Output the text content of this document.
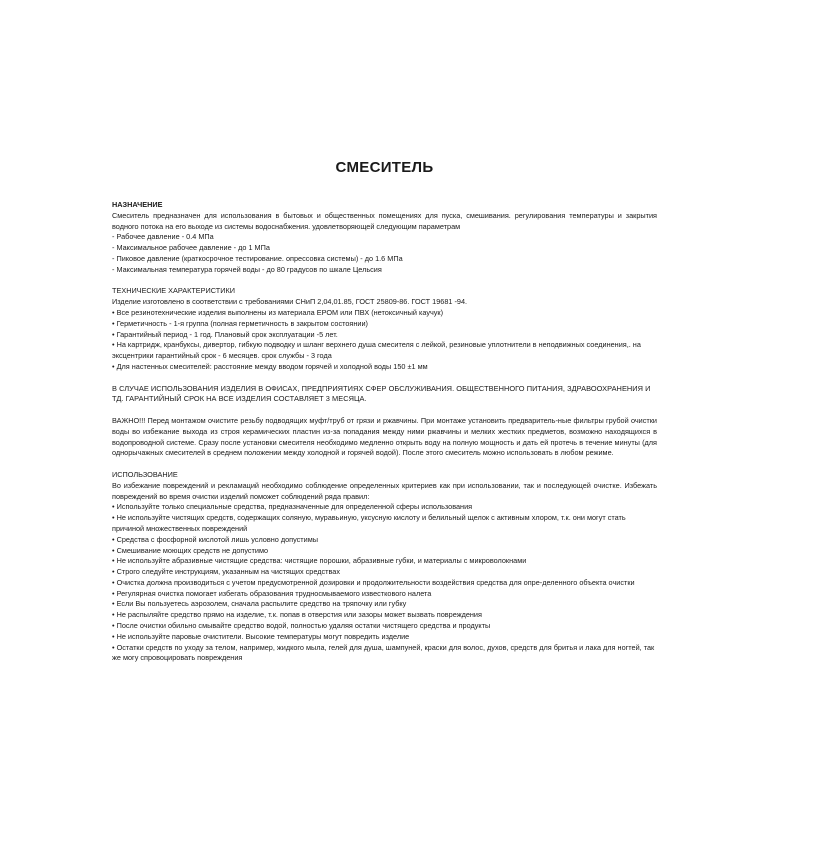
СМЕСИТЕЛЬ

НАЗНАЧЕНИЕ

Смеситель предназначен для использования в бытовых и общественных помещениях для пуска, смешивания. регулирования температуры и закрытия водного потока на его выходе из системы водоснабжения. удовлетворяющей следующим параметрам

- Рабочее давление - 0.4 МПа
- Максимальное рабочее давление - до 1 МПа
- Пиковое давление (краткосрочное тестирование. опрессовка системы) - до 1.6 МПа
- Максимальная температура горячей воды - до 80 градусов по шкале Цельсия

ТЕХНИЧЕСКИЕ ХАРАКТЕРИСТИКИ

Изделие изготовлено в соответствии с требованиями СНиП 2,04,01.85, ГОСТ 25809-86. ГОСТ 19681 -94.

• Все резинотехнические изделия выполнены из материала ЕРОМ или ПВХ (нетоксичный каучук)
• Герметичность - 1-я группа (полная герметичность в закрытом состоянии)
• Гарантийный период - 1 год. Плановый срок эксплуатации -5 лет.
• На картридж, кранбуксы, дивертор, гибкую подводку и шланг верхнего душа смесителя с лейкой, резиновые уплотнители в неподвижных соединения,. на эксцентрики гарантийный срок - 6 месяцев. срок службы - 3 года
• Для настенных смесителей: расстояние между вводом горячей и холодной воды 150 ±1 мм

В СЛУЧАЕ ИСПОЛЬЗОВАНИЯ ИЗДЕЛИЯ В ОФИСАХ, ПРЕДПРИЯТИЯХ СФЕР ОБСЛУЖИВАНИЯ. ОБЩЕСТВЕННОГО ПИТАНИЯ, ЗДРАВООХРАНЕНИЯ И ТД. ГАРАНТИЙНЫЙ СРОК НА ВСЕ ИЗДЕЛИЯ СОСТАВЛЯЕТ 3 МЕСЯЦА.

ВАЖНО!!! Перед монтажом очистите резьбу подводящих муфт/труб от грязи и ржавчины. При монтаже установить предваритель-ные фильтры грубой очистки воды во избежание выхода из строя керамических пластин из-за попадания между ними ржавчины и мелких жестких предметов, возможно находящихся в водопроводной системе. Сразу после установки смесителя необходимо медленно открыть воду на полную мощность и дать ей протечь в течение минуты (для однорычажных смесителей в среднем положении между холодной и горячей водой). После этого смеситель можно использовать в любом режиме.

ИСПОЛЬЗОВАНИЕ

Во избежание повреждений и рекламаций необходимо соблюдение определенных критериев как при использовании, так и последующей очистке. Избежать повреждений во время очистки изделий поможет соблюдений ряда правил:

• Используйте только специальные средства, предназначенные для определенной сферы использования
• Не используйте чистящих средств, содержащих соляную, муравьиную, уксусную кислоту и белильный щелок с активным хлором, т.к. они могут стать причиной множественных повреждений
• Средства с фосфорной кислотой лишь условно допустимы
• Смешивание моющих средств не допустимо
• Не используйте абразивные чистящие средства: чистящие порошки, абразивные губки, и материалы с микроволокнами
• Строго следуйте инструкциям, указанным на чистящих средствах
• Очистка должна производиться с учетом предусмотренной дозировки и продолжительности воздействия средства для опре-деленного объекта очистки
• Регулярная очистка помогает избегать образования трудносмываемого известкового налета
• Если Вы пользуетесь аэрозолем, сначала распылите средство на тряпочку или губку
• Не распыляйте средство прямо на изделие, т.к. попав в отверстия или зазоры может вызвать повреждения
• После очистки обильно смывайте средство водой, полностью удаляя остатки чистящего средства и продукты
• Не используйте паровые очистители. Высокие температуры могут повредить изделие
• Остатки средств по уходу за телом, например, жидкого мыла, гелей для душа, шампуней, краски для волос, духов, средств для бритья и лака для ногтей, так же могу спровоцировать повреждения
